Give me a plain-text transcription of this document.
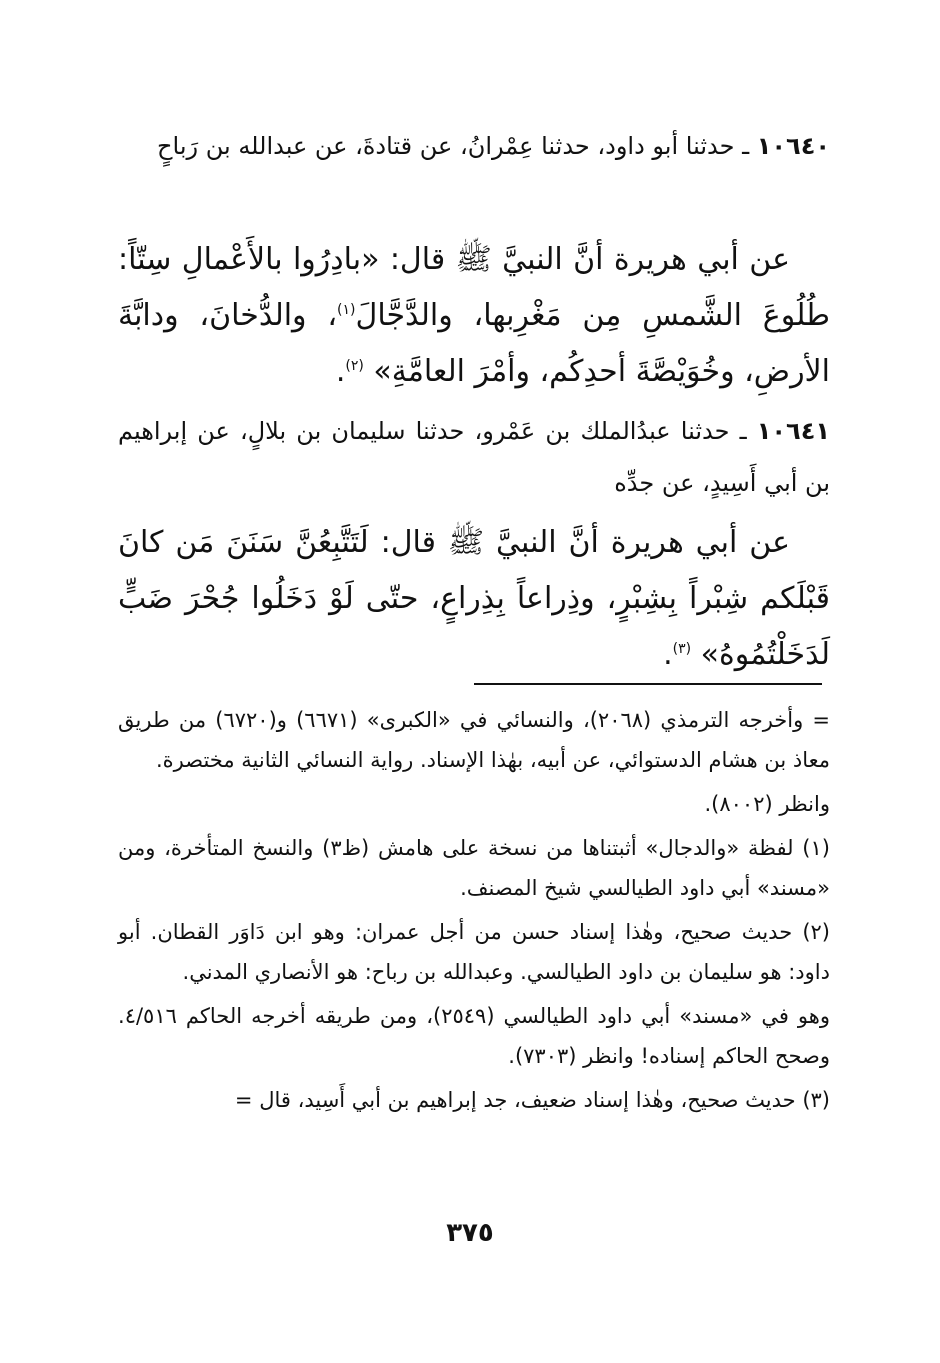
١٠٦٤٠ ـ حدثنا أبو داود، حدثنا عِمْرانُ، عن قتادةَ، عن عبدالله بن رَباحٍ
عن أبي هريرة أنَّ النبيَّ ﷺ قال: «بادِرُوا بالأَعْمالِ سِتّاً: طُلُوعَ الشَّمسِ مِن مَغْرِبها، والدَّجَّالَ$^{(١)}$، والدُّخانَ، ودابَّةَ الأرضِ، وخُوَيْصَّةَ أحدِكُم، وأمْرَ العامَّةِ» $^{(٢)}$.
١٠٦٤١ ـ حدثنا عبدُالملك بن عَمْرو، حدثنا سليمان بن بلالٍ، عن إبراهيم بن أبي أَسِيدٍ، عن جدِّه
عن أبي هريرة أنَّ النبيَّ ﷺ قال: لَتَتَّبِعُنَّ سَنَنَ مَن كانَ قَبْلَكم شِبْراً بِشِبْرٍ، وذِراعاً بِذِراعٍ، حتّى لَوْ دَخَلُوا جُحْرَ ضَبٍّ لَدَخَلْتُمُوهُ» $^{(٣)}$.

= وأخرجه الترمذي (٢٠٦٨)، والنسائي في «الكبرى» (٦٦٧١) و(٦٧٢٠) من طريق معاذ بن هشام الدستوائي، عن أبيه، بهٰذا الإسناد. رواية النسائي الثانية مختصرة.

وانظر (٨٠٠٢).

(١) لفظة «والدجال» أثبتناها من نسخة على هامش (ظ٣) والنسخ المتأخرة، ومن «مسند» أبي داود الطيالسي شيخ المصنف.

(٢) حديث صحيح، وهٰذا إسناد حسن من أجل عمران: وهو ابن دَاوَر القطان. أبو داود: هو سليمان بن داود الطيالسي. وعبدالله بن رباح: هو الأنصاري المدني.

وهو في «مسند» أبي داود الطيالسي (٢٥٤٩)، ومن طريقه أخرجه الحاكم ٤/٥١٦. وصحح الحاكم إسناده! وانظر (٧٣٠٣).

(٣) حديث صحيح، وهٰذا إسناد ضعيف، جد إبراهيم بن أبي أَسِيد، قال =

٣٧٥
